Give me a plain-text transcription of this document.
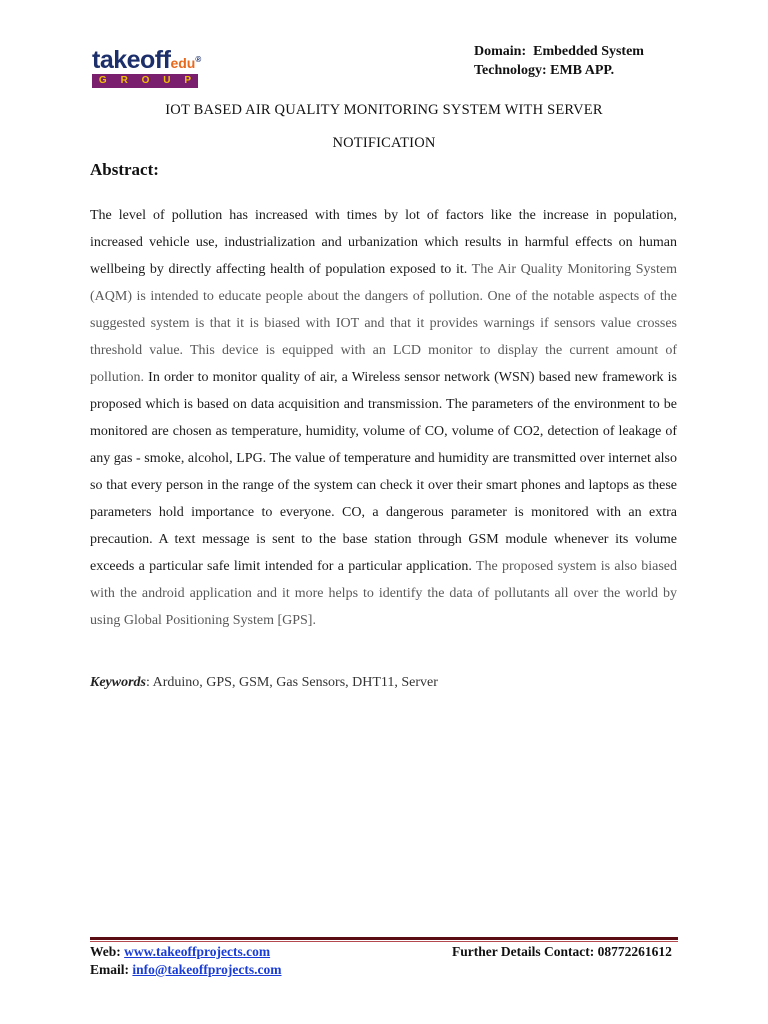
takeoffedu®
G R O U P
Domain: Embedded System
Technology: EMB APP.
IOT BASED AIR QUALITY MONITORING SYSTEM WITH SERVER
NOTIFICATION
Abstract:

The level of pollution has increased with times by lot of factors like the increase in population, increased vehicle use, industrialization and urbanization which results in harmful effects on human wellbeing by directly affecting health of population exposed to it. The Air Quality Monitoring System (AQM) is intended to educate people about the dangers of pollution. One of the notable aspects of the suggested system is that it is biased with IOT and that it provides warnings if sensors value crosses threshold value. This device is equipped with an LCD monitor to display the current amount of pollution. In order to monitor quality of air, a Wireless sensor network (WSN) based new framework is proposed which is based on data acquisition and transmission. The parameters of the environment to be monitored are chosen as temperature, humidity, volume of CO, volume of CO2, detection of leakage of any gas - smoke, alcohol, LPG. The value of temperature and humidity are transmitted over internet also so that every person in the range of the system can check it over their smart phones and laptops as these parameters hold importance to everyone. CO, a dangerous parameter is monitored with an extra precaution. A text message is sent to the base station through GSM module whenever its volume exceeds a particular safe limit intended for a particular application. The proposed system is also biased with the android application and it more helps to identify the data of pollutants all over the world by using Global Positioning System [GPS].

Keywords: Arduino, GPS, GSM, Gas Sensors, DHT11, Server
Web: www.takeoffprojects.com	Further Details Contact: 08772261612
Email: info@takeoffprojects.com
